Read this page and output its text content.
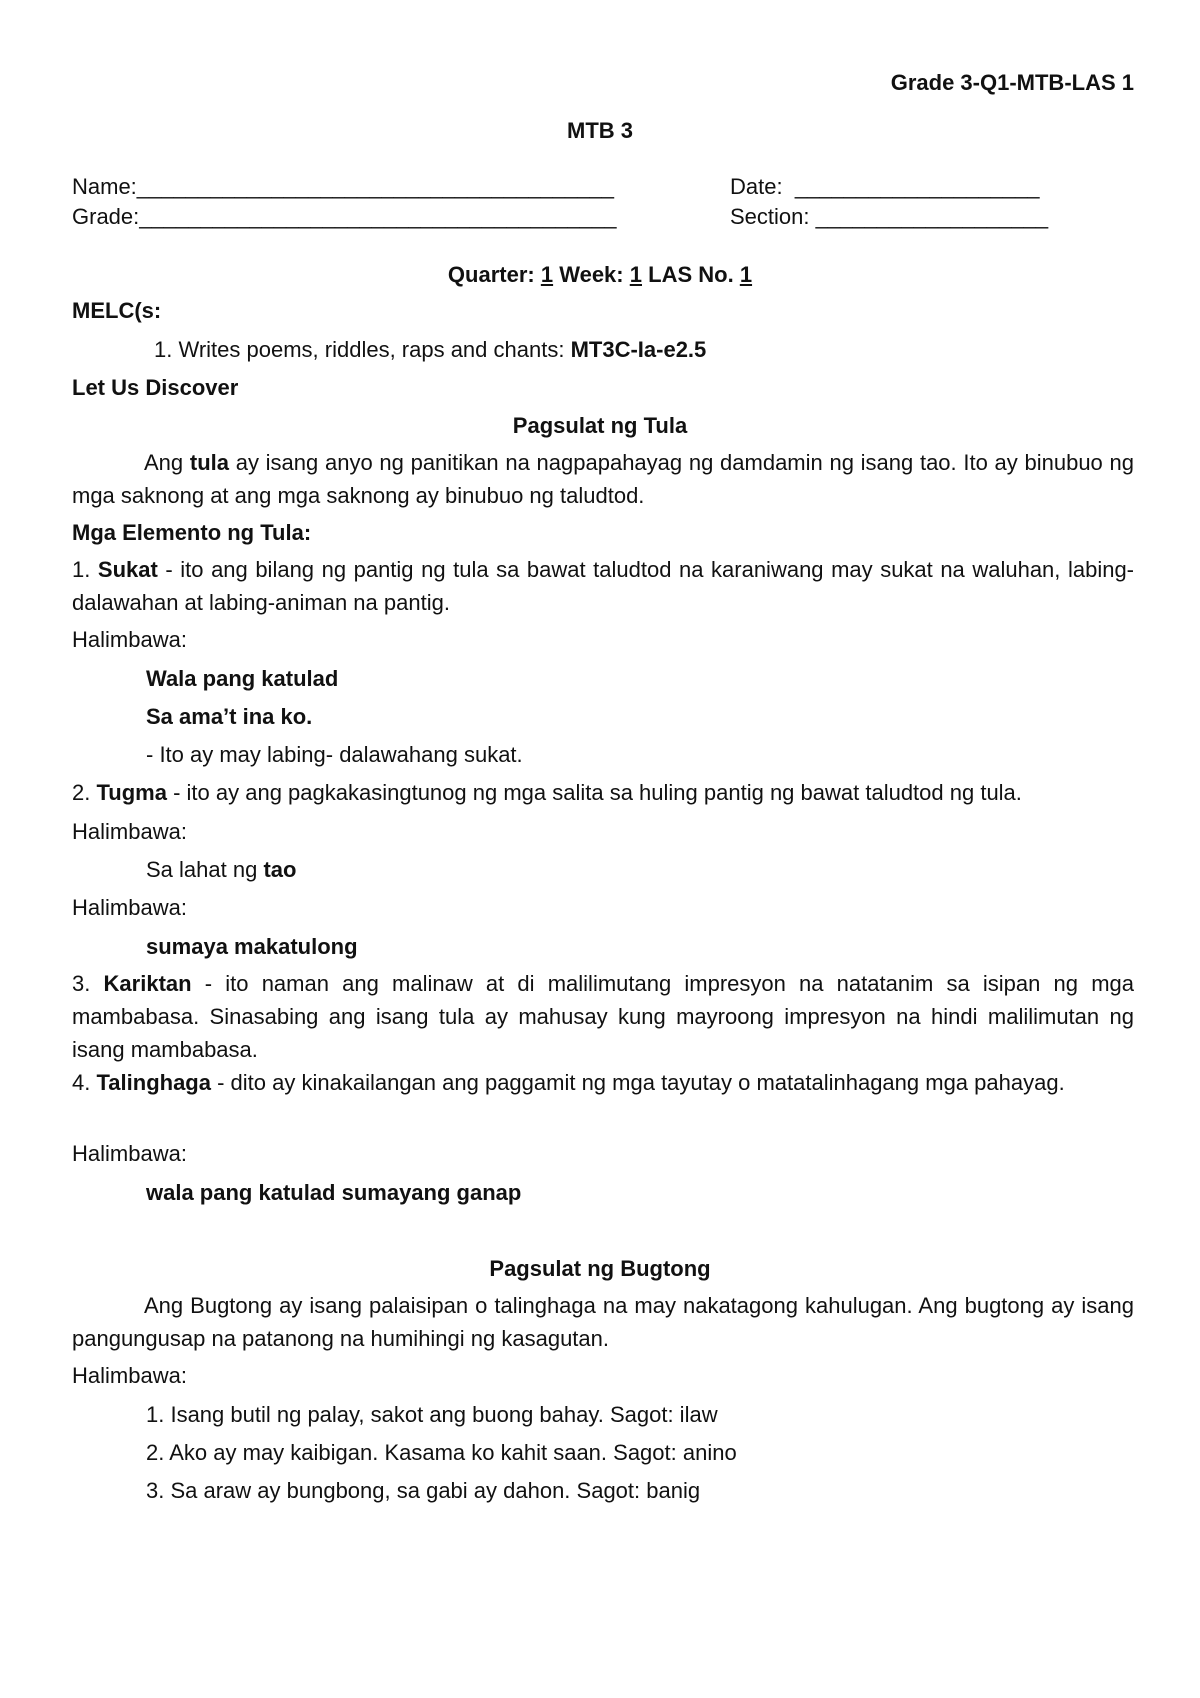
Grade 3-Q1-MTB-LAS 1
MTB 3
Name:_______________________________________	Date: ____________________
Grade:_______________________________________	Section: ___________________
Quarter: 1 Week: 1 LAS No. 1
MELC(s:
1. Writes poems, riddles, raps and chants: MT3C-Ia-e2.5
Let Us Discover
Pagsulat ng Tula
Ang tula ay isang anyo ng panitikan na nagpapahayag ng damdamin ng isang tao. Ito ay binubuo ng mga saknong at ang mga saknong ay binubuo ng taludtod.
Mga Elemento ng Tula:
1. Sukat - ito ang bilang ng pantig ng tula sa bawat taludtod na karaniwang may sukat na waluhan, labing-dalawahan at labing-animan na pantig.
Halimbawa:
Wala pang katulad
Sa ama’t ina ko.
- Ito ay may labing- dalawahang sukat.
2. Tugma - ito ay ang pagkakasingtunog ng mga salita sa huling pantig ng bawat taludtod ng tula.
Halimbawa:
Sa lahat ng tao
Halimbawa:
sumaya makatulong
3. Kariktan - ito naman ang malinaw at di malilimutang impresyon na natatanim sa isipan ng mga mambabasa. Sinasabing ang isang tula ay mahusay kung mayroong impresyon na hindi malilimutan ng isang mambabasa.
4. Talinghaga - dito ay kinakailangan ang paggamit ng mga tayutay o matatalinhagang mga pahayag.
Halimbawa:
wala pang katulad sumayang ganap
Pagsulat ng Bugtong
Ang Bugtong ay isang palaisipan o talinghaga na may nakatagong kahulugan. Ang bugtong ay isang pangungusap na patanong na humihingi ng kasagutan.
Halimbawa:
1. Isang butil ng palay, sakot ang buong bahay. Sagot: ilaw
2. Ako ay may kaibigan. Kasama ko kahit saan. Sagot: anino
3. Sa araw ay bungbong, sa gabi ay dahon. Sagot: banig
